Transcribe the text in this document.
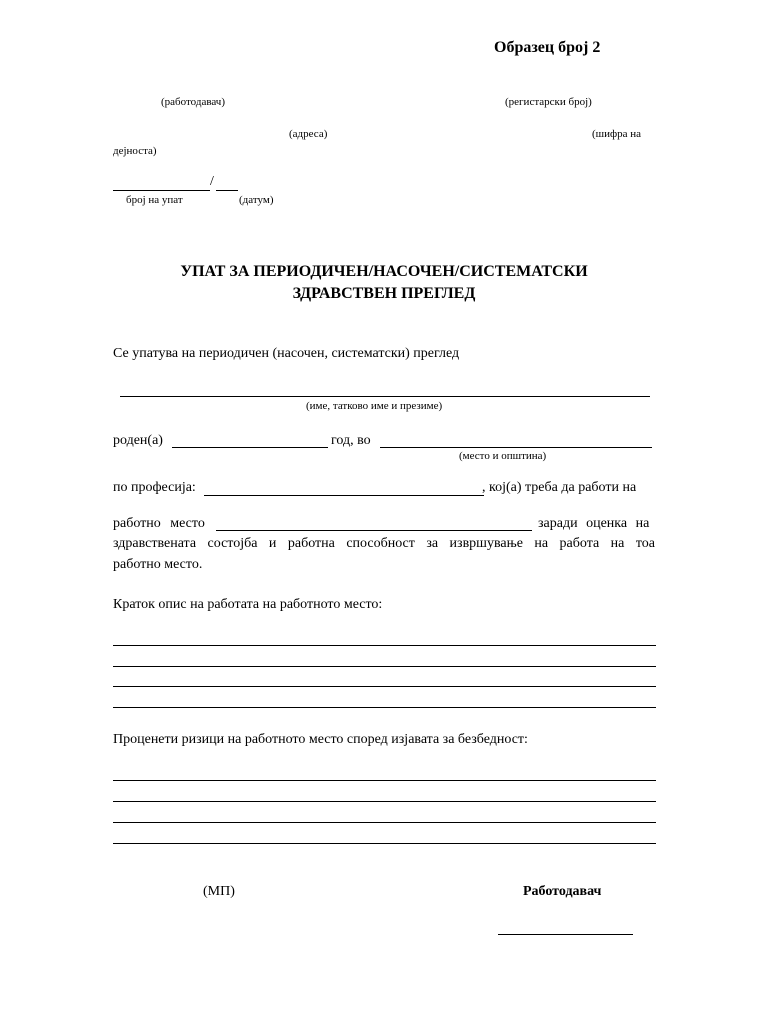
Образец број 2
(работодавач)	(регистарски број)
(адреса)	(шифра на
дејноста)
/
број на упат	(датум)
УПАТ ЗА ПЕРИОДИЧЕН/НАСОЧЕН/СИСТЕМАТСКИ
ЗДРАВСТВЕН ПРЕГЛЕД
Се упатува на периодичен (насочен, систематски) преглед
(име, татково име и презиме)
роден(а)	год, во
(место и општина)
по професија:	, кој(а) треба да работи на
работно место	заради оценка на
здравствената состојба и работна способност за извршување на работа на тоа
работно место.
Краток опис на работата на работното место:
Проценети ризици на работното место според изјавата за безбедност:
(МП)	Работодавач
